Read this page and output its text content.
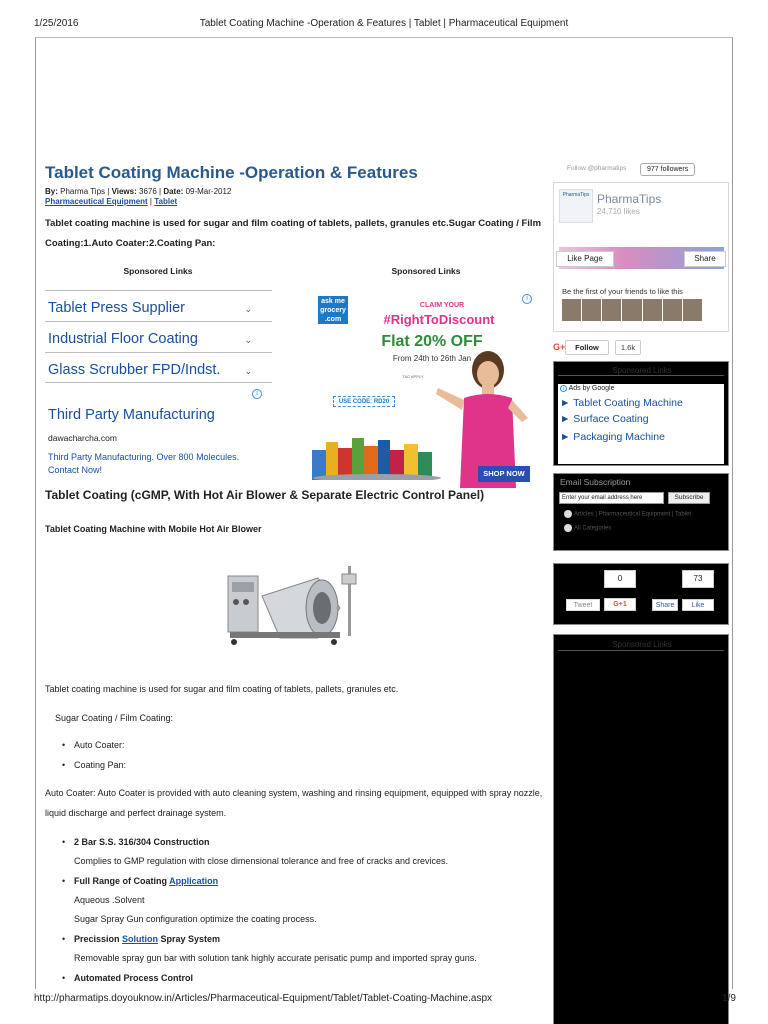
1/25/2016	Tablet Coating Machine -Operation & Features | Tablet | Pharmaceutical Equipment
Tablet Coating Machine -Operation & Features
By: Pharma Tips | Views: 3676 | Date: 09-Mar-2012
Pharmaceutical Equipment | Tablet
Tablet coating machine is used for sugar and film coating of tablets, pallets, granules etc.Sugar Coating / Film Coating:1.Auto Coater:2.Coating Pan:
Sponsored Links	Sponsored Links
Tablet Press Supplier	⌄
Industrial Floor Coating	⌄
Glass Scrubber FPD/Indst.	⌄
i
Third Party Manufacturing
dawacharcha.com
Third Party Manufacturing. Over 800 Molecules. Contact Now!
ask me grocery .com
i
CLAIM YOUR
#RightToDiscount
Flat 20% OFF
From 24th to 26th Jan
T&C APPLY
USE CODE: RD20
SHOP NOW
Tablet Coating (cGMP, With Hot Air Blower & Separate Electric Control Panel)
Tablet Coating Machine with Mobile Hot Air Blower
Tablet coating machine is used for sugar and film coating of tablets, pallets, granules etc.
Sugar Coating / Film Coating:
• Auto Coater:
• Coating Pan:
Auto Coater: Auto Coater is provided with auto cleaning system, washing and rinsing equipment, equipped with spray nozzle, liquid discharge and perfect drainage system.
• 2 Bar S.S. 316/304 Construction
Complies to GMP regulation with close dimensional tolerance and free of cracks and crevices.
• Full Range of Coating Application
Aqueous .Solvent
Sugar Spray Gun configuration optimize the coating process.
• Precission Solution Spray System
Removable spray gun bar with solution tank highly accurate perisatic pump and imported spray guns.
• Automated Process Control
Follow @pharmatips	977 followers
PharmaTips PharmaTips
24,710 likes
Like Page	Share
Be the first of your friends to like this
G+	Follow	1.6k
Sponsored Links
i Ads by Google
► Tablet Coating Machine
► Surface Coating
► Packaging Machine
Email Subscription
Enter your email address here	Subscribe
Articles | Pharmaceutical Equipment | Tablet
All Categories
0	73
Tweet	G+1	Share	Like
Sponsored Links
http://pharmatips.doyouknow.in/Articles/Pharmaceutical-Equipment/Tablet/Tablet-Coating-Machine.aspx	1/9
